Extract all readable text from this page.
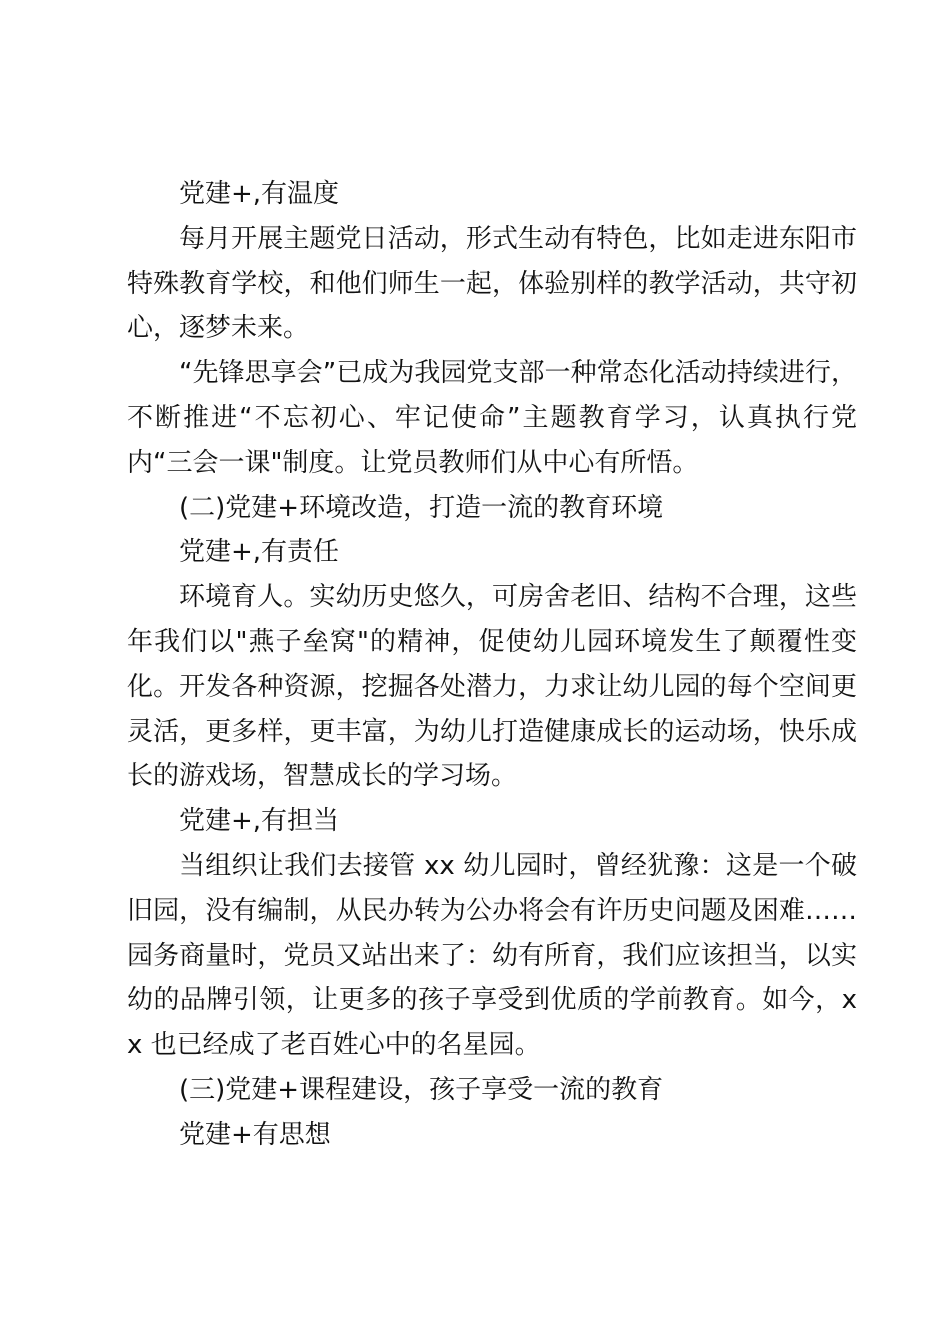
党建+,有温度

每月开展主题党日活动，形式生动有特色，比如走进东阳市特殊教育学校，和他们师生一起，体验别样的教学活动，共守初心，逐梦未来。

“先锋思享会”已成为我园党支部一种常态化活动持续进行，不断推进“不忘初心、牢记使命”主题教育学习，认真执行党内“三会一课"制度。让党员教师们从中心有所悟。

(二)党建+环境改造，打造一流的教育环境

党建+,有责任

环境育人。实幼历史悠久，可房舍老旧、结构不合理，这些年我们以"燕子垒窝"的精神，促使幼儿园环境发生了颠覆性变化。开发各种资源，挖掘各处潜力，力求让幼儿园的每个空间更灵活，更多样，更丰富，为幼儿打造健康成长的运动场，快乐成长的游戏场，智慧成长的学习场。

党建+,有担当

当组织让我们去接管 xx 幼儿园时，曾经犹豫：这是一个破旧园，没有编制，从民办转为公办将会有许历史问题及困难……园务商量时，党员又站出来了：幼有所育，我们应该担当，以实幼的品牌引领，让更多的孩子享受到优质的学前教育。如今，xx 也已经成了老百姓心中的名星园。

(三)党建+课程建设，孩子享受一流的教育

党建+有思想
